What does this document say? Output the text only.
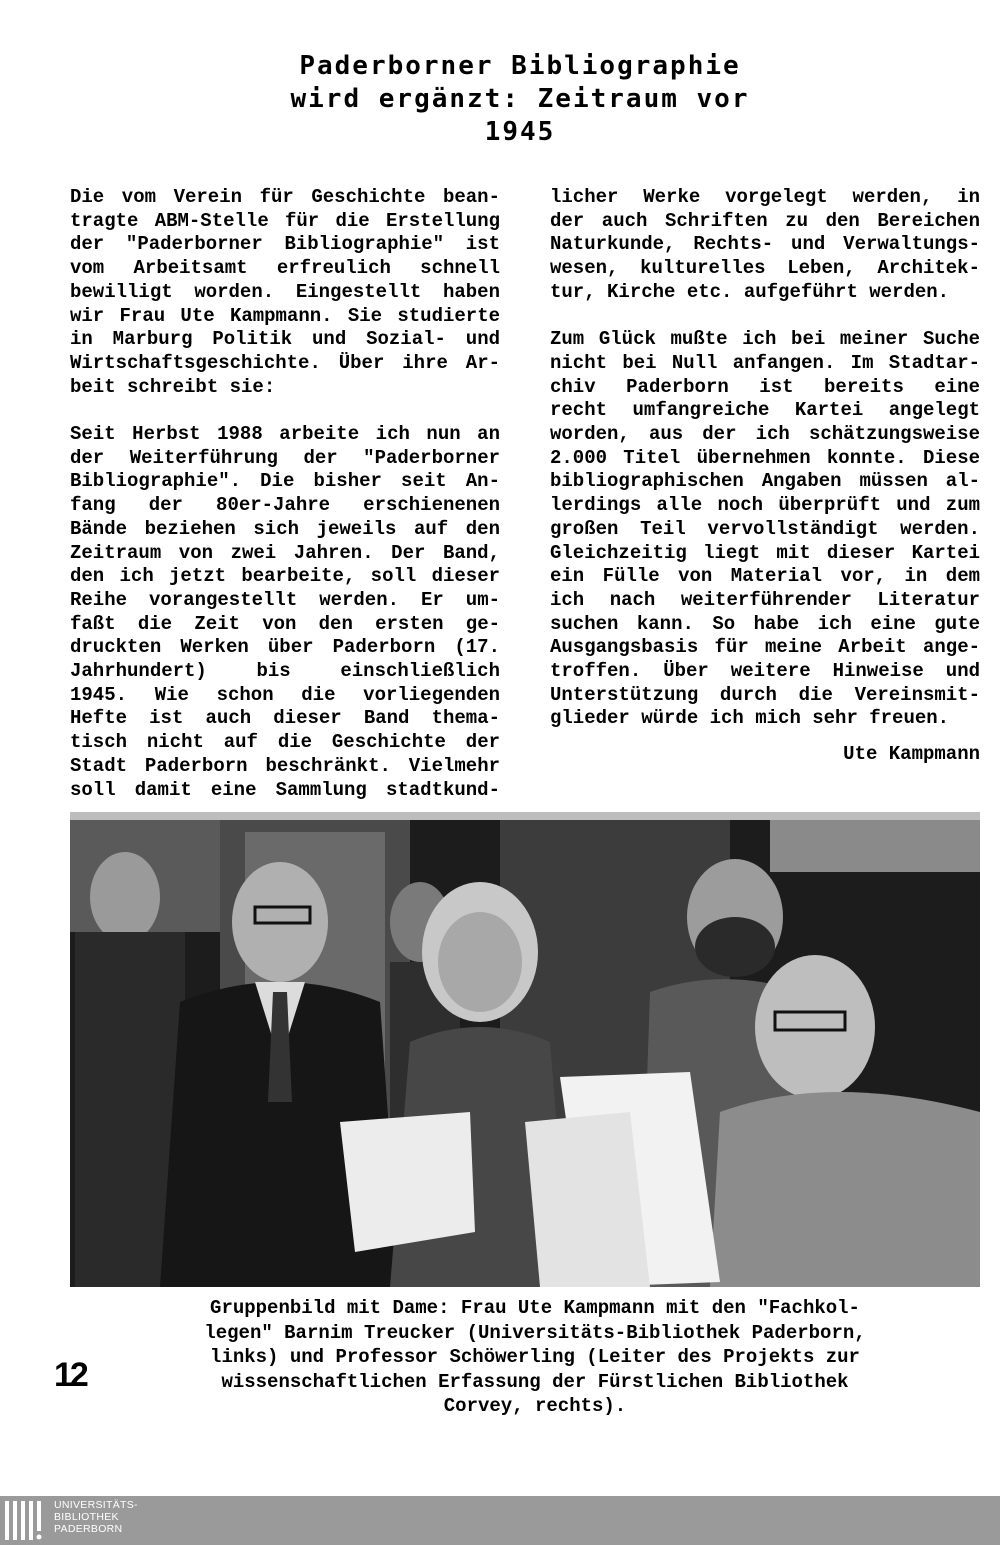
Paderborner Bibliographie
wird ergänzt: Zeitraum vor
1945

Die vom Verein für Geschichte bean-
tragte ABM-Stelle für die Erstellung
der "Paderborner Bibliographie" ist
vom Arbeitsamt erfreulich schnell
bewilligt worden. Eingestellt haben
wir Frau Ute Kampmann. Sie studierte
in Marburg Politik und Sozial- und
Wirtschaftsgeschichte. Über ihre Ar-
beit schreibt sie:

Seit Herbst 1988 arbeite ich nun an
der Weiterführung der "Paderborner
Bibliographie". Die bisher seit An-
fang der 80er-Jahre erschienenen
Bände beziehen sich jeweils auf den
Zeitraum von zwei Jahren. Der Band,
den ich jetzt bearbeite, soll dieser
Reihe vorangestellt werden. Er um-
faßt die Zeit von den ersten ge-
druckten Werken über Paderborn (17.
Jahrhundert) bis einschließlich
1945. Wie schon die vorliegenden
Hefte ist auch dieser Band thema-
tisch nicht auf die Geschichte der
Stadt Paderborn beschränkt. Vielmehr
soll damit eine Sammlung stadtkund-

licher Werke vorgelegt werden, in
der auch Schriften zu den Bereichen
Naturkunde, Rechts- und Verwaltungs-
wesen, kulturelles Leben, Architek-
tur, Kirche etc. aufgeführt werden.

Zum Glück mußte ich bei meiner Suche
nicht bei Null anfangen. Im Stadtar-
chiv Paderborn ist bereits eine
recht umfangreiche Kartei angelegt
worden, aus der ich schätzungsweise
2.000 Titel übernehmen konnte. Diese
bibliographischen Angaben müssen al-
lerdings alle noch überprüft und zum
großen Teil vervollständigt werden.
Gleichzeitig liegt mit dieser Kartei
ein Fülle von Material vor, in dem
ich nach weiterführender Literatur
suchen kann. So habe ich eine gute
Ausgangsbasis für meine Arbeit ange-
troffen. Über weitere Hinweise und
Unterstützung durch die Vereinsmit-
glieder würde ich mich sehr freuen.

Ute Kampmann
Gruppenbild mit Dame: Frau Ute Kampmann mit den "Fachkol-
legen" Barnim Treucker (Universitäts-Bibliothek Paderborn,
links) und Professor Schöwerling (Leiter des Projekts zur
wissenschaftlichen Erfassung der Fürstlichen Bibliothek
Corvey, rechts).
12
UNIVERSITÄTS-
BIBLIOTHEK
PADERBORN
